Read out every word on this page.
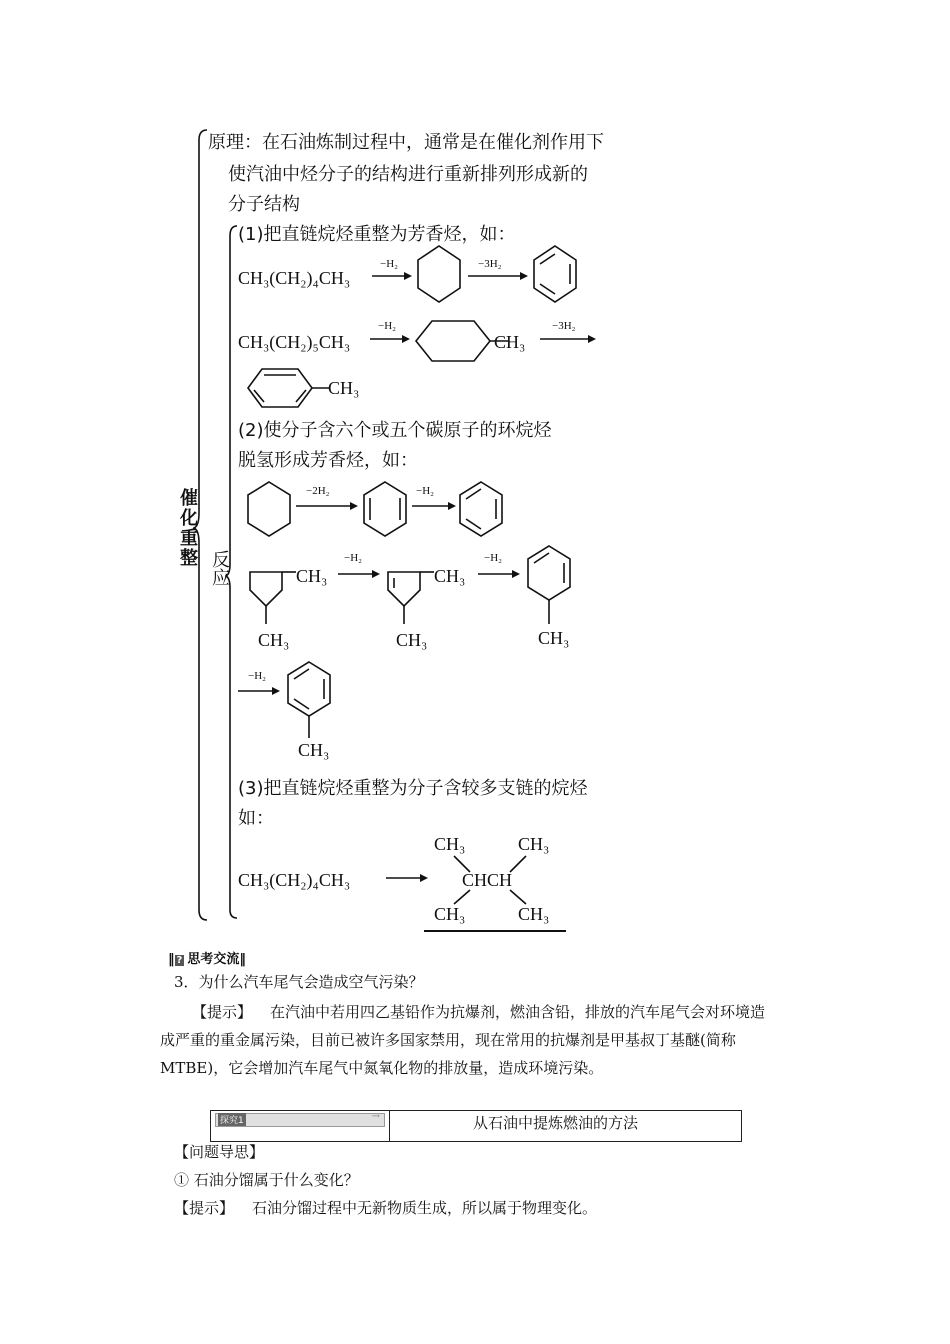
催化重整 反应
原理：在石油炼制过程中，通常是在催化剂作用下
使汽油中烃分子的结构进行重新排列形成新的
分子结构
(1)把直链烷烃重整为芳香烃，如：
CH₃(CH₂)₄CH₃
−H₂	−3H₂
CH₃(CH₂)₅CH₃
−H₂
CH₃
−3H₂
CH₃
(2)使分子含六个或五个碳原子的环烷烃
脱氢形成芳香烃，如：
−2H₂	−H₂
CH₃
CH₃
−H₂
CH₃
CH₃
−H₂
CH₃
−H₂
CH₃
(3)把直链烷烃重整为分子含较多支链的烷烃
如：
CH₃(CH₂)₄CH₃
CH₃	CH₃
CHCH
CH₃	CH₃
‖ ? 思考交流‖
3．为什么汽车尾气会造成空气污染？
【提示】 在汽油中若用四乙基铅作为抗爆剂，燃油含铅，排放的汽车尾气会对环境造
成严重的重金属污染，目前已被许多国家禁用，现在常用的抗爆剂是甲基叔丁基醚(简称
MTBE)，它会增加汽车尾气中氮氧化物的排放量，造成环境污染。
探究1	→	从石油中提炼燃油的方法
【问题导思】
① 石油分馏属于什么变化？
【提示】 石油分馏过程中无新物质生成，所以属于物理变化。
